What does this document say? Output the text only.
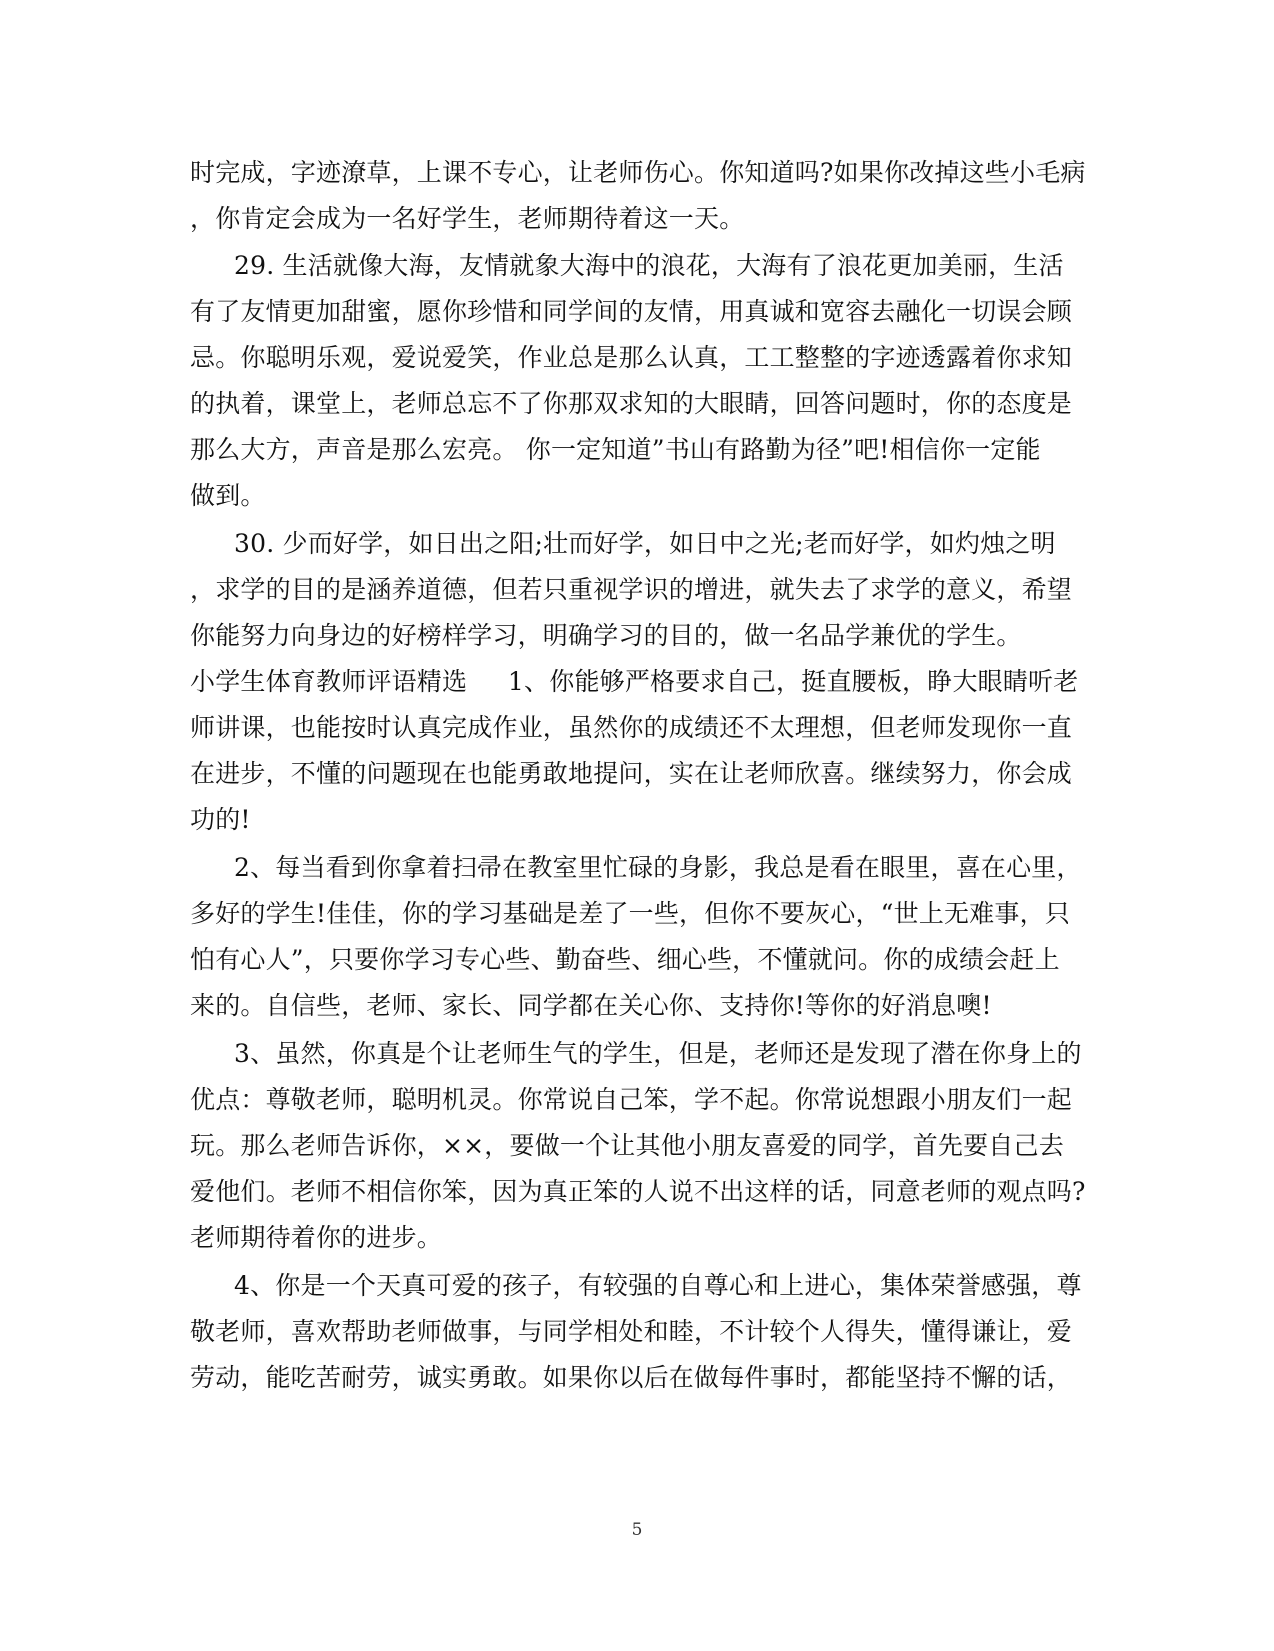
时完成，字迹潦草，上课不专心，让老师伤心。你知道吗?如果你改掉这些小毛病

，你肯定会成为一名好学生，老师期待着这一天。

29. 生活就像大海，友情就象大海中的浪花，大海有了浪花更加美丽，生活

有了友情更加甜蜜，愿你珍惜和同学间的友情，用真诚和宽容去融化一切误会顾

忌。你聪明乐观，爱说爱笑，作业总是那么认真，工工整整的字迹透露着你求知

的执着，课堂上，老师总忘不了你那双求知的大眼睛，回答问题时，你的态度是

那么大方，声音是那么宏亮。 你一定知道”书山有路勤为径”吧!相信你一定能

做到。

30. 少而好学，如日出之阳;壮而好学，如日中之光;老而好学，如灼烛之明

，求学的目的是涵养道德，但若只重视学识的增进，就失去了求学的意义，希望

你能努力向身边的好榜样学习，明确学习的目的，做一名品学兼优的学生。

小学生体育教师评语精选     1、你能够严格要求自己，挺直腰板，睁大眼睛听老

师讲课，也能按时认真完成作业，虽然你的成绩还不太理想，但老师发现你一直

在进步，不懂的问题现在也能勇敢地提问，实在让老师欣喜。继续努力，你会成

功的!

2、每当看到你拿着扫帚在教室里忙碌的身影，我总是看在眼里，喜在心里，

多好的学生!佳佳，你的学习基础是差了一些，但你不要灰心，“世上无难事，只

怕有心人”，只要你学习专心些、勤奋些、细心些，不懂就问。你的成绩会赶上

来的。自信些，老师、家长、同学都在关心你、支持你!等你的好消息噢!

3、虽然，你真是个让老师生气的学生，但是，老师还是发现了潜在你身上的

优点：尊敬老师，聪明机灵。你常说自己笨，学不起。你常说想跟小朋友们一起

玩。那么老师告诉你，××，要做一个让其他小朋友喜爱的同学，首先要自己去

爱他们。老师不相信你笨，因为真正笨的人说不出这样的话，同意老师的观点吗?

老师期待着你的进步。

4、你是一个天真可爱的孩子，有较强的自尊心和上进心，集体荣誉感强，尊

敬老师，喜欢帮助老师做事，与同学相处和睦，不计较个人得失，懂得谦让，爱

劳动，能吃苦耐劳，诚实勇敢。如果你以后在做每件事时，都能坚持不懈的话，

5
